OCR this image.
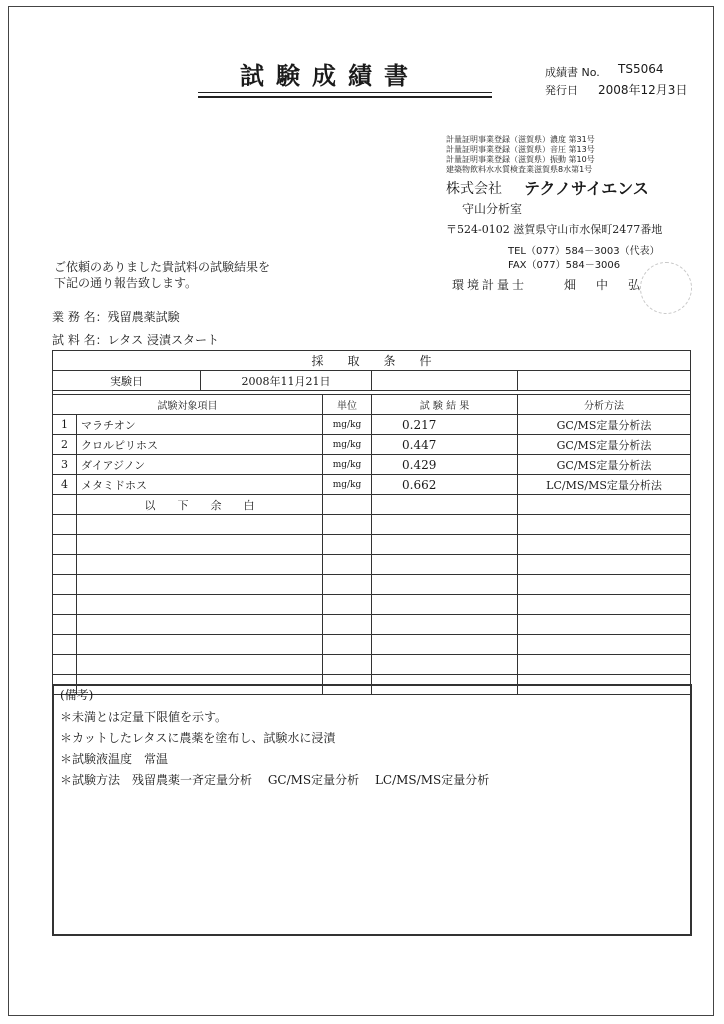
試験成績書	成績書 No. TS5064
発行日 2008年12月3日
計量証明事業登録（滋賀県）濃度 第31号
計量証明事業登録（滋賀県）音圧 第13号
計量証明事業登録（滋賀県）振動 第10号
建築物飲料水水質検査業滋賀県8水第1号
株式会社 テクノサイエンス
守山分析室
〒524-0102 滋賀県守山市水保町2477番地
TEL（077）584－3003（代表）
FAX（077）584－3006
環境計量士	畑中弘
ご依頼のありました貴試料の試験結果を
下記の通り報告致します。
業 務 名：残留農薬試験
試 料 名：レタス 浸漬スタート
採　　取　　条　　件					
実験日		2008年11月21日			

試験対象項目			単位	試 験 結 果	分析方法
1	マラチオン		mg/kg	0.217	GC/MS定量分析法
2	クロルピリホス		mg/kg	0.447	GC/MS定量分析法
3	ダイアジノン		mg/kg	0.429	GC/MS定量分析法
4	メタミドホス		mg/kg	0.662	LC/MS/MS定量分析法
	以　　下　　余　　白				

(備考)
＊未満とは定量下限値を示す。
＊カットしたレタスに農薬を塗布し、試験水に浸漬
＊試験液温度　常温
＊試験方法　残留農薬一斉定量分析　 GC/MS定量分析　 LC/MS/MS定量分析
